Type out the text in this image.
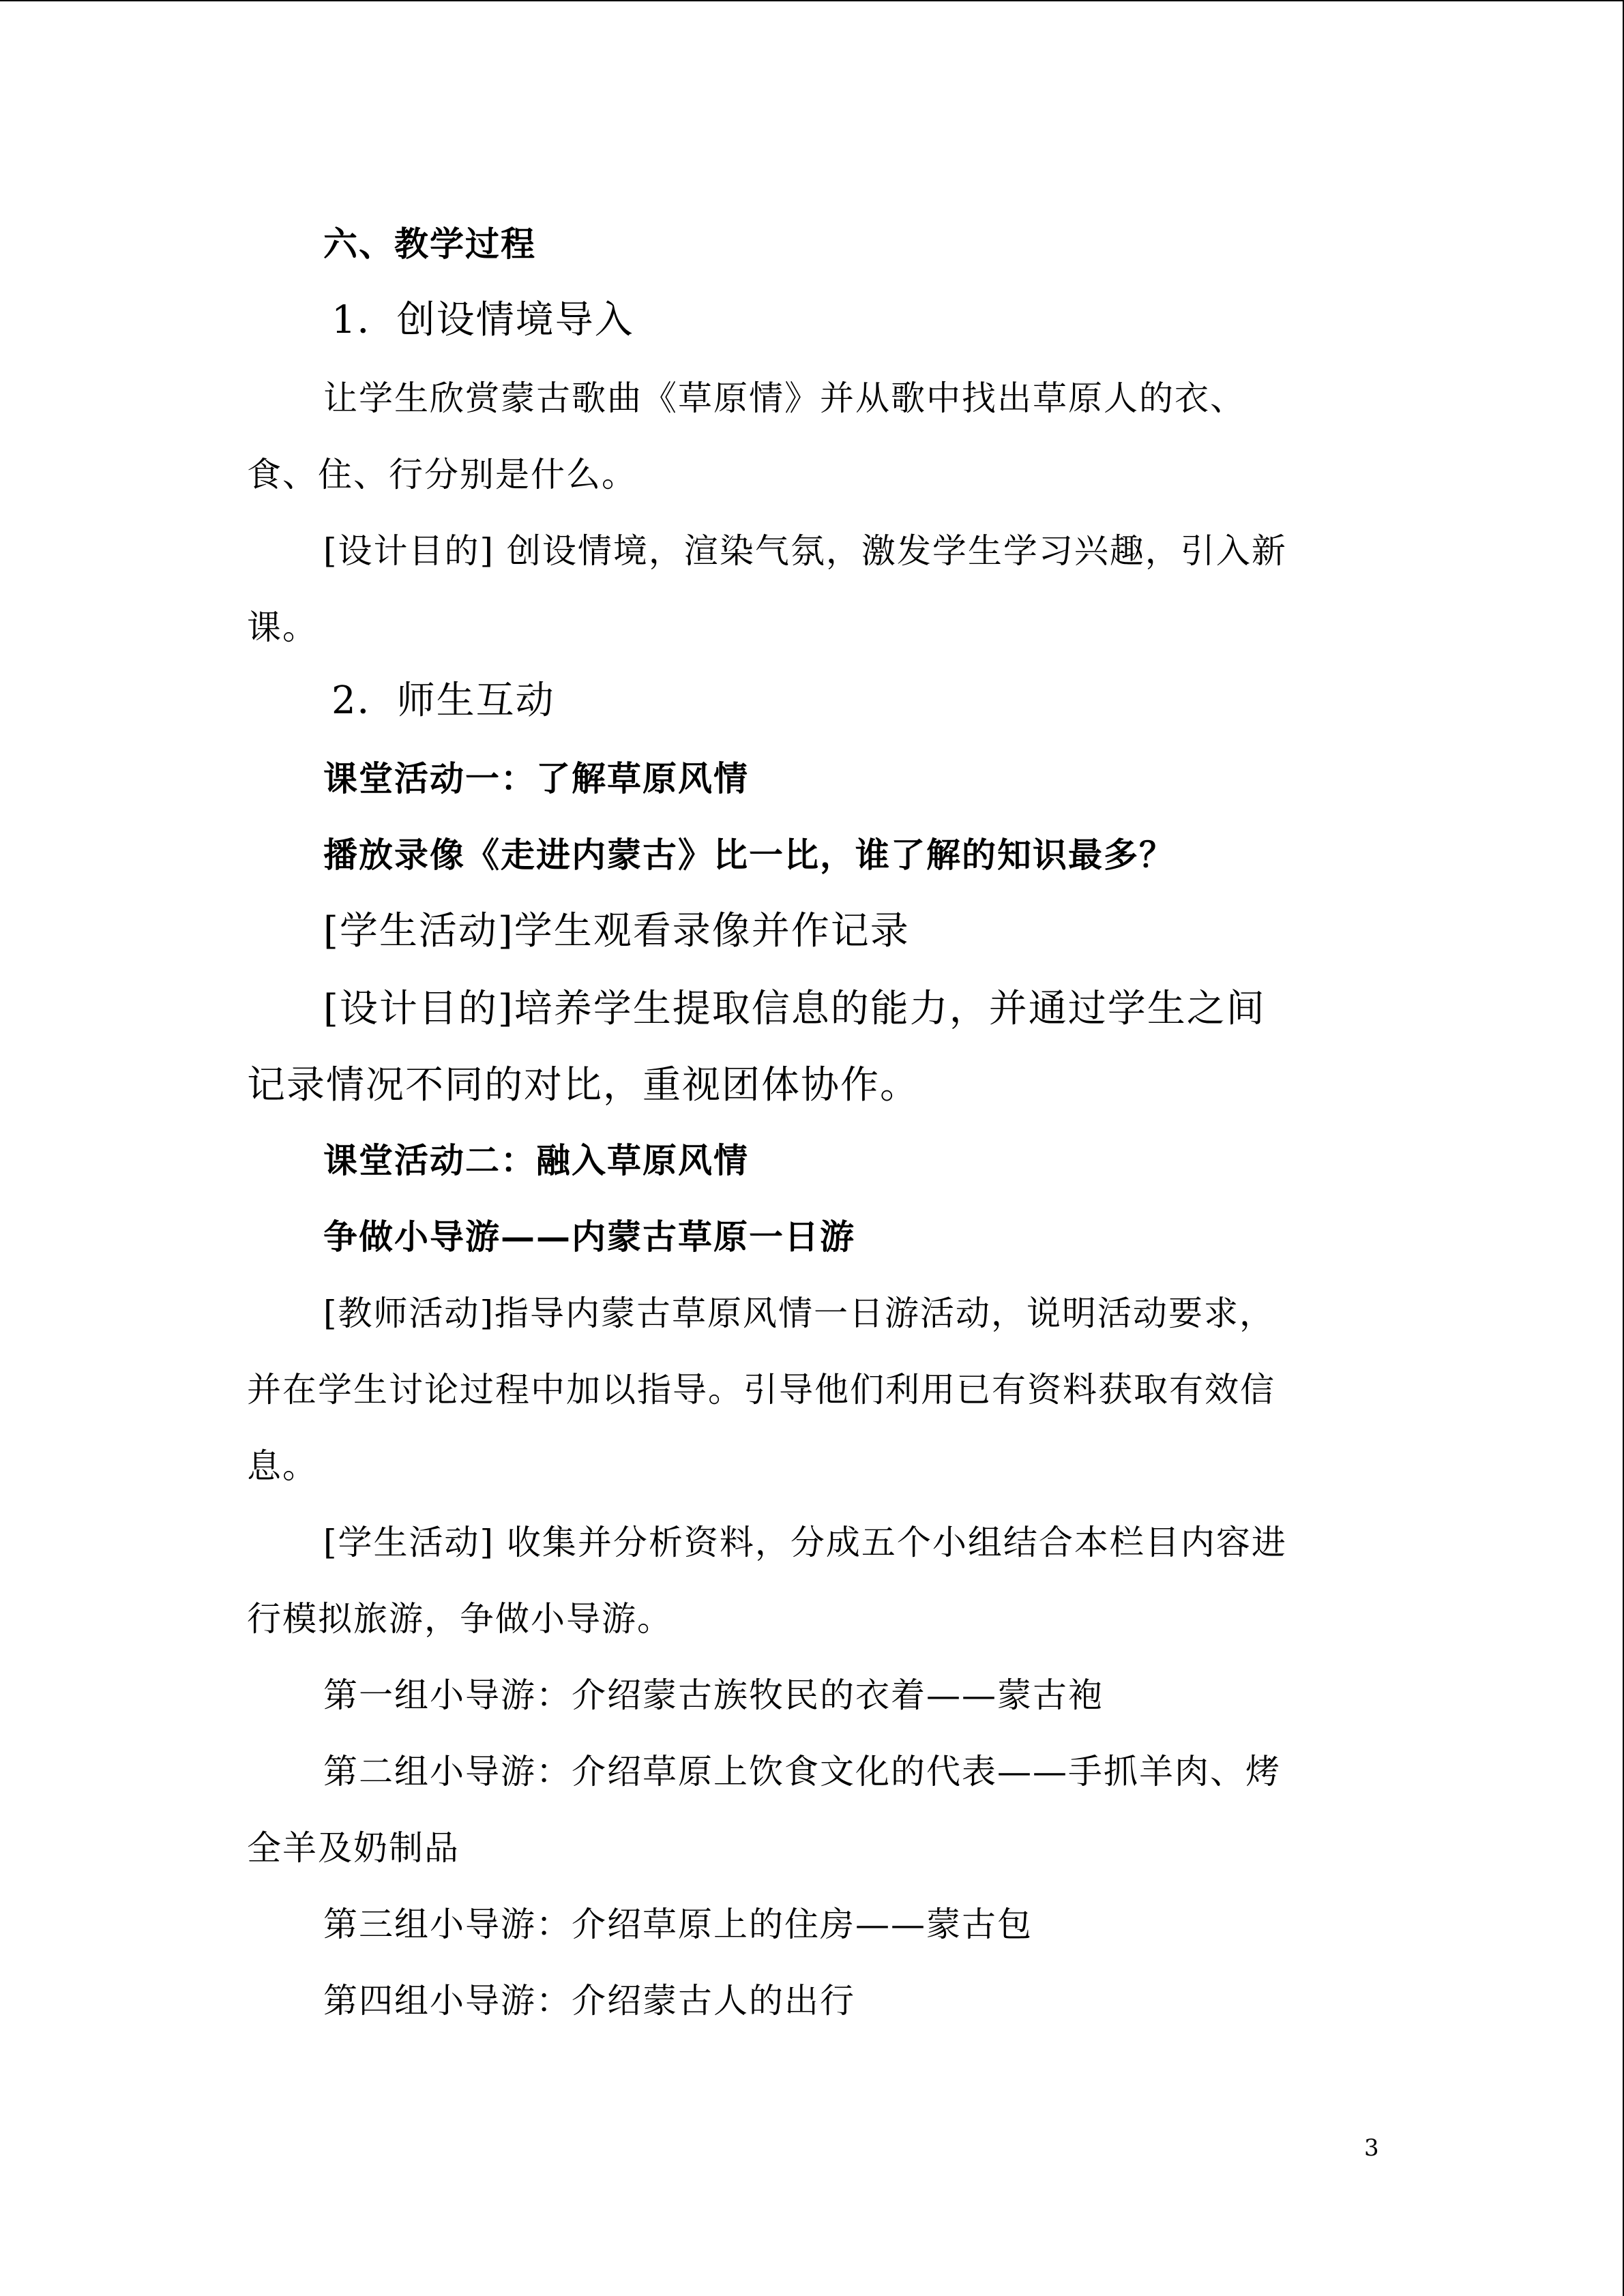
六、教学过程
1．创设情境导入
让学生欣赏蒙古歌曲《草原情》并从歌中找出草原人的衣、
食、住、行分别是什么。
[设计目的] 创设情境，渲染气氛，激发学生学习兴趣，引入新
课。
2．师生互动
课堂活动一：了解草原风情
播放录像《走进内蒙古》比一比，谁了解的知识最多？
[学生活动]学生观看录像并作记录
[设计目的]培养学生提取信息的能力，并通过学生之间
记录情况不同的对比，重视团体协作。
课堂活动二：融入草原风情
争做小导游——内蒙古草原一日游
[教师活动]指导内蒙古草原风情一日游活动，说明活动要求，
并在学生讨论过程中加以指导。引导他们利用已有资料获取有效信
息。
[学生活动] 收集并分析资料，分成五个小组结合本栏目内容进
行模拟旅游，争做小导游。
第一组小导游：介绍蒙古族牧民的衣着——蒙古袍
第二组小导游：介绍草原上饮食文化的代表——手抓羊肉、烤
全羊及奶制品
第三组小导游：介绍草原上的住房——蒙古包
第四组小导游：介绍蒙古人的出行
3
